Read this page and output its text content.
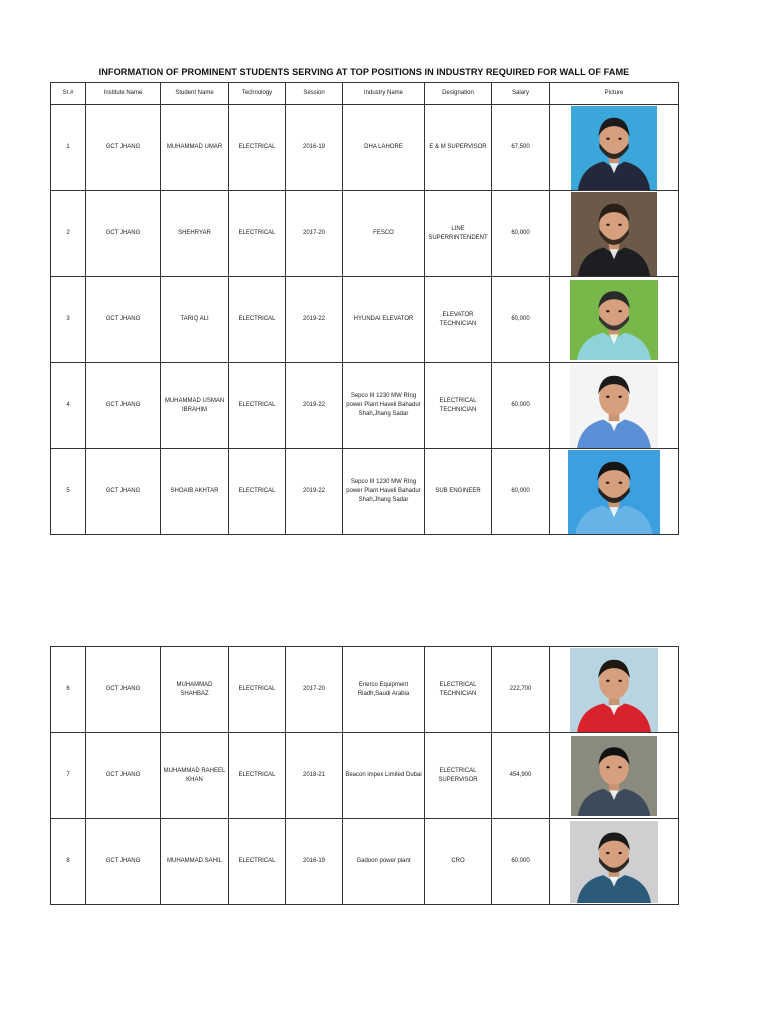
INFORMATION OF PROMINENT STUDENTS SERVING AT TOP POSITIONS IN INDUSTRY REQUIRED FOR WALL OF FAME
Sr.#	Institute Name	Student Name	Technology	Session	Industry Name	Designation	Salary	Picture
1	GCT JHANG	MUHAMMAD UMAR	ELECTRICAL	2016-19	DHA LAHORE	E & M SUPERVISOR	67,500	

2	GCT JHANG	SHEHRYAR	ELECTRICAL	2017-20	FESCO	LINE SUPERRINTENDENT	60,000	

3	GCT JHANG	TARIQ ALI	ELECTRICAL	2019-22	HYUNDAI ELEVATOR	ELEVATOR TECHNICIAN	60,000	

4	GCT JHANG	MUHAMMAD USMAN IBRAHIM	ELECTRICAL	2019-22	Sepco III 1230 MW RIng power Plant Haveli Bahadur Shah,Jhang Sadar	ELECTRICAL TECHNICIAN	60,000	

5	GCT JHANG	SHOAIB AKHTAR	ELECTRICAL	2019-22	Sepco III 1230 MW RIng power Plant Haveli Bahadur Shah,Jhang Sadar	SUB ENGINEER	60,000	
6	GCT JHANG	MUHAMMAD SHAHBAZ	ELECTRICAL	2017-20	Enerco Equipment Riadh,Saudi Arabia	ELECTRICAL TECHNICIAN	222,700	

7	GCT JHANG	MUHAMMAD RAHEEL KHAN	ELECTRICAL	2018-21	Beacon impex Limited Dubai	ELECTRICAL SUPERVISOR	454,900	

8	GCT JHANG	MUHAMMAD SAHIL	ELECTRICAL	2016-19	Gadoon power plant	CRO	60,000	
